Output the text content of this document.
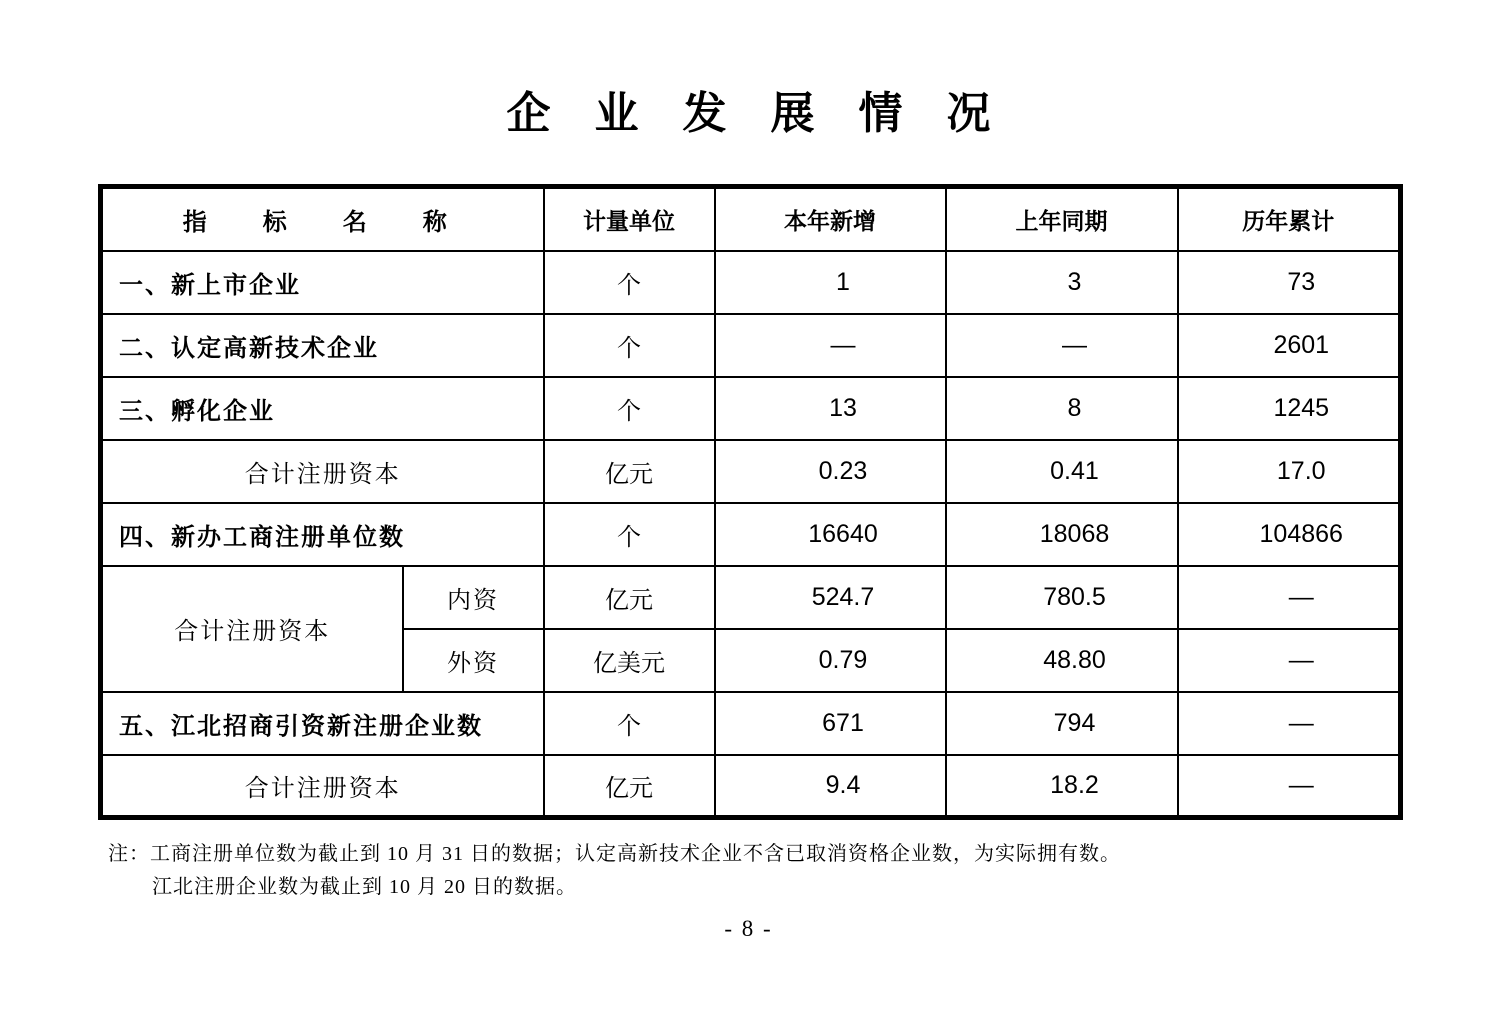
企　业　发　展　情　况
指　标　名　称		计量单位	本年新增	上年同期	历年累计
一、新上市企业		个	1	3	73
二、认定高新技术企业		个	—	—	2601
三、孵化企业		个	13	8	1245
合计注册资本		亿元	0.23	0.41	17.0
四、新办工商注册单位数		个	16640	18068	104866
合计注册资本	内资	亿元	524.7	780.5	—
	外资	亿美元	0.79	48.80	—
五、江北招商引资新注册企业数		个	671	794	—
合计注册资本		亿元	9.4	18.2	—
注：工商注册单位数为截止到 10 月 31 日的数据；认定高新技术企业不含已取消资格企业数，为实际拥有数。
江北注册企业数为截止到 10 月 20 日的数据。
- 8 -
